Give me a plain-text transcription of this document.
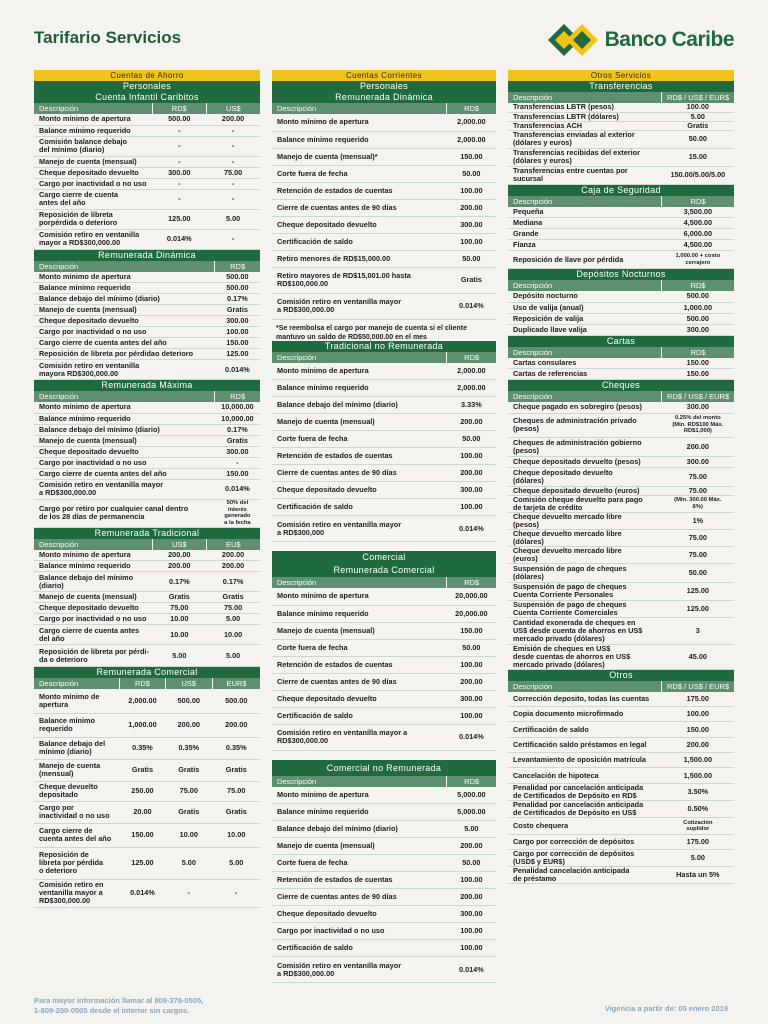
Tarifario Servicios	Banco Caribe
Cuentas de Ahorro
Personales
Cuenta Infantil Caribitos
Descripción	RD$	US$
Monto mínimo de apertura	500.00	200.00
Balance mínimo requerido	-	-
Comisión balance debajo
del mínimo (diario)	-	-
Manejo de cuenta (mensual)	-	-
Cheque depositado devuelto	300.00	75.00
Cargo por inactividad o no uso	-	-
Cargo cierre de cuenta
antes del año	-	-
Reposición de libreta
porpérdida o deterioro	125.00	5.00
Comisión retiro en ventanilla
mayor a RD$300,000.00	0.014%	-
Remunerada Dinámica
Descripción	RD$
Monto mínimo de apertura	500.00
Balance mínimo requerido	500.00
Balance debajo del mínimo (diario)	0.17%
Manejo de cuenta (mensual)	Gratis
Cheque depositado devuelto	300.00
Cargo por inactividad o no uso	100.00
Cargo cierre de cuenta antes del año	150.00
Reposición de libreta por pérdidao deterioro	125.00
Comisión retiro en ventanilla
mayora RD$300,000.00	0.014%
Remunerada Máxima
Descripción	RD$
Monto mínimo de apertura	10,000.00
Balance mínimo requerido	10,000.00
Balance debajo del mínimo (diario)	0.17%
Manejo de cuenta (mensual)	Gratis
Cheque depositado devuelto	300.00
Cargo por inactividad o no uso	-
Cargo cierre de cuenta antes del año	150.00
Comisión retiro en ventanilla mayor
a RD$300,000.00	0.014%
Cargo por retiro por cualquier canal dentro
de los 28 días de permanencia	50% del
interés
generado
a la fecha
Remunerada Tradicional
Descripción	US$	EU$
Monto mínimo de apertura	200.00	200.00
Balance mínimo requerido	200.00	200.00
Balance debajo del mínimo
(diario)	0.17%	0.17%
Manejo de cuenta (mensual)	Gratis	Gratis
Cheque depositado devuelto	75.00	75.00
Cargo por inactividad o no uso	10.00	5.00
Cargo cierre de cuenta antes
del año	10.00	10.00
Reposición de libreta por pérdi-
da o deterioro	5.00	5.00
Remunerada Comercial
Descripción	RD$	US$	EUR$
Monto mínimo de
apertura	2,000.00	500.00	500.00
Balance mínimo
requerido	1,000.00	200.00	200.00
Balance debajo del
mínimo (diario)	0.35%	0.35%	0.35%
Manejo de cuenta
(mensual)	Gratis	Gratis	Gratis
Cheque devuelto
depositado	250.00	75.00	75.00
Cargo por
inactividad o no uso	20.00	Gratis	Gratis
Cargo cierre de
cuenta antes del año	150.00	10.00	10.00
Reposición de
libreta por pérdida
o deterioro	125.00	5.00	5.00
Comisión retiro en
ventanilla mayor a
RD$300,000.00	0.014%	-	-
Cuentas Corrientes
Personales
Remunerada Dinámica
Descripción	RD$
Monto mínimo de apertura	2,000.00
Balance mínimo requerido	2,000.00
Manejo de cuenta (mensual)*	150.00
Corte fuera de fecha	50.00
Retención de estados de cuentas	100.00
Cierre de cuentas antes de 90 días	200.00
Cheque depositado devuelto	300.00
Certificación de saldo	100.00
Retiro menores de RD$15,000.00	50.00
Retiro mayores de RD$15,001.00 hasta
RD$100,000.00	Gratis
Comisión retiro en ventanilla mayor
a RD$300,000.00	0.014%
*Se reembolsa el cargo por manejo de cuenta si el cliente mantuvo un saldo de RD$50,000.00 en el mes
Tradicional no Remunerada
Descripción	RD$
Monto mínimo de apertura	2,000.00
Balance mínimo requerido	2,000.00
Balance debajo del mínimo (diario)	3.33%
Manejo de cuenta (mensual)	200.00
Corte fuera de fecha	50.00
Retención de estados de cuentas	100.00
Cierre de cuentas antes de 90 días	200.00
Cheque depositado devuelto	300.00
Certificación de saldo	100.00
Comisión retiro en ventanilla mayor
a RD$300,000	0.014%
Comercial
Remunerada Comercial
Descripción	RD$
Monto mínimo de apertura	20,000.00
Balance mínimo requerido	20,000.00
Manejo de cuenta (mensual)	150.00
Corte fuera de fecha	50.00
Retención de estados de cuentas	100.00
Cierre de cuentas antes de 90 días	200.00
Cheque depositado devuelto	300.00
Certificación de saldo	100.00
Comisión retiro en ventanilla mayor a
RD$300,000.00	0.014%
Comercial no Remunerada
Descripción	RD$
Monto mínimo de apertura	5,000.00
Balance mínimo requerido	5,000.00
Balance debajo del mínimo (diario)	5.00
Manejo de cuenta (mensual)	200.00
Corte fuera de fecha	50.00
Retención de estados de cuentas	100.00
Cierre de cuentas antes de 90 días	200.00
Cheque depositado devuelto	300.00
Cargo por inactividad o no uso	100.00
Certificación de saldo	100.00
Comisión retiro en ventanilla mayor
a RD$300,000.00	0.014%
Otros Servicios
Transferencias
Descripción	RD$ / US$ / EUR$
Transferencias LBTR (pesos)	100.00
Transferencias LBTR (dólares)	5.00
Transferencias ACH	Gratis
Transferencias enviadas al exterior
(dólares y euros)	50.00
Transferencias recibidas del exterior
(dólares y euros)	15.00
Transferencias entre cuentas por
sucursal	150.00/5.00/5.00
Caja de Seguridad
Descripción	RD$
Pequeña	3,500.00
Mediana	4,500.00
Grande	6,000.00
Fianza	4,500.00
Reposición de llave por pérdida	1,000.00 + costo
cerrajero
Depósitos Nocturnos
Descripción	RD$
Depósito nocturno	500.00
Uso de valija (anual)	1,000.00
Reposición de valija	500.00
Duplicado llave valija	300.00
Cartas
Descripción	RD$
Cartas consulares	150.00
Cartas de referencias	150.00
Cheques
Descripción	RD$ / US$ / EUR$
Cheque pagado en sobregiro (pesos)	300.00
Cheques de administración privado
(pesos)	0.25% del monto
(Min. RD$100 Máx.
RD$1,000)
Cheques de administración gobierno
(pesos)	200.00
Cheque depositado devuelto (pesos)	300.00
Cheque depositado devuelto
(dólares)	75.00
Cheque depositado devuelto (euros)	75.00
Comisión cheque devuelto para pago
de tarjeta de crédito	(Min. 300.00 Máx.
6%)
Cheque devuelto mercado libre
(pesos)	1%
Cheque devuelto mercado libre
(dólares)	75.00
Cheque devuelto mercado libre
(euros)	75.00
Suspensión de pago de cheques
(dólares)	50.00
Suspensión de pago de cheques
Cuenta Corriente Personales	125.00
Suspensión de pago de cheques
Cuenta Corriente Comerciales	125.00
Cantidad exonerada de cheques en
US$ desde cuenta de ahorros en US$
mercado privado (dólares)	3
Emisión de cheques en US$
desde cuentas de ahorros en US$
mercado privado (dólares)	45.00
Otros
Descripción	RD$ / US$ / EUR$
Corrección deposito, todas las cuentas	175.00
Copia documento microfirmado	100.00
Certificación de saldo	150.00
Certificación saldo préstamos en legal	200.00
Levantamiento de oposición matrícula	1,500.00
Cancelación de hipoteca	1,500.00
Penalidad por cancelación anticipada
de Certificados de Depósito en RD$	3.50%
Penalidad por cancelación anticipada
de Certificados de Depósito en US$	0.50%
Costo chequera	Cotización
suplidor
Cargo por corrección de depósitos	175.00
Cargo por corrección de depósitos
(USD$ y EUR$)	5.00
Penalidad cancelación anticipada
de préstamo	Hasta un 5%
Para mayor información llamar al 809-378-0505,
1-809-200-0505 desde el interior sin cargos.	Vigencia a partir de: 05 enero 2019
